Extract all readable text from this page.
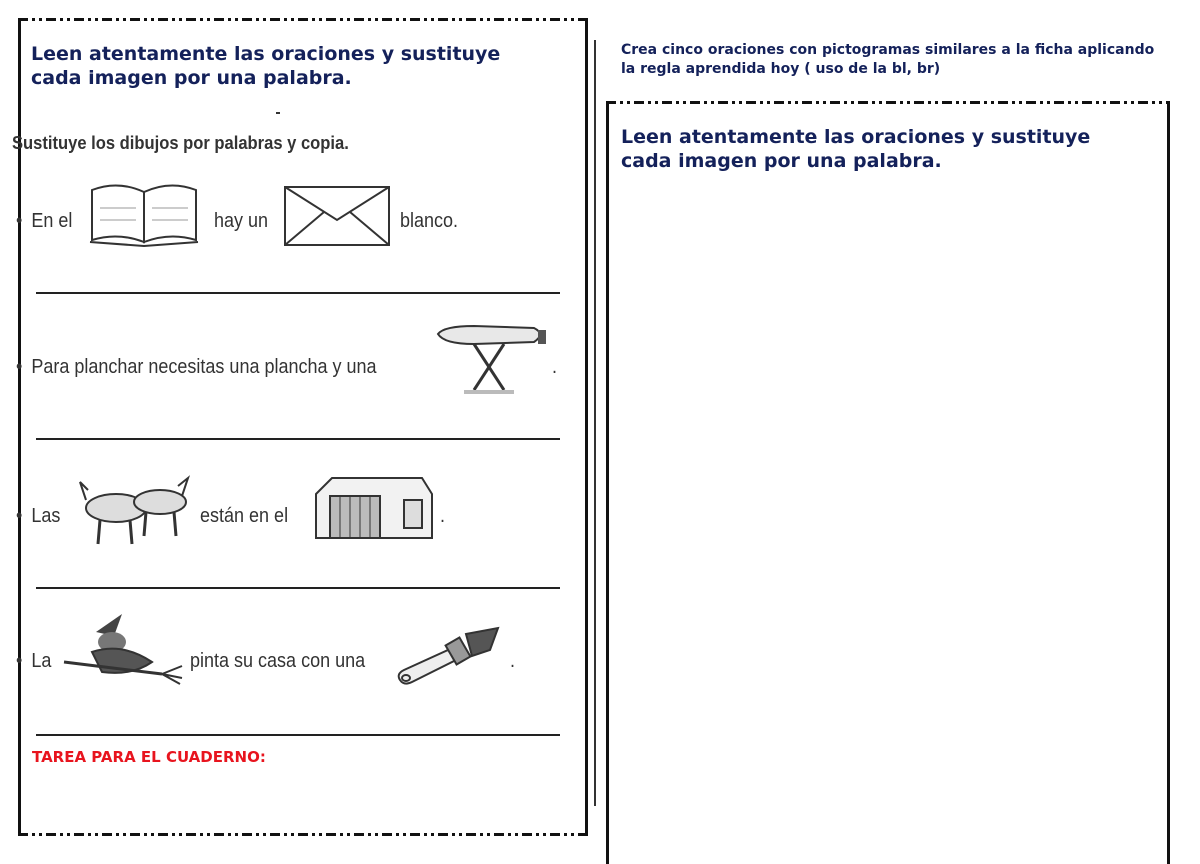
Leen atentamente las oraciones y sustituye cada imagen por una palabra.
Crea cinco oraciones con pictogramas similares a la ficha aplicando la regla aprendida hoy ( uso de la bl, br)
Leen atentamente las oraciones y sustituye cada imagen por una palabra.
Sustituye los dibujos por palabras y copia.
• En el	hay un	blanco.
• Para planchar necesitas una plancha y una	.
• Las	están en el	.
• La	pinta su casa con una	.
TAREA PARA EL CUADERNO:
